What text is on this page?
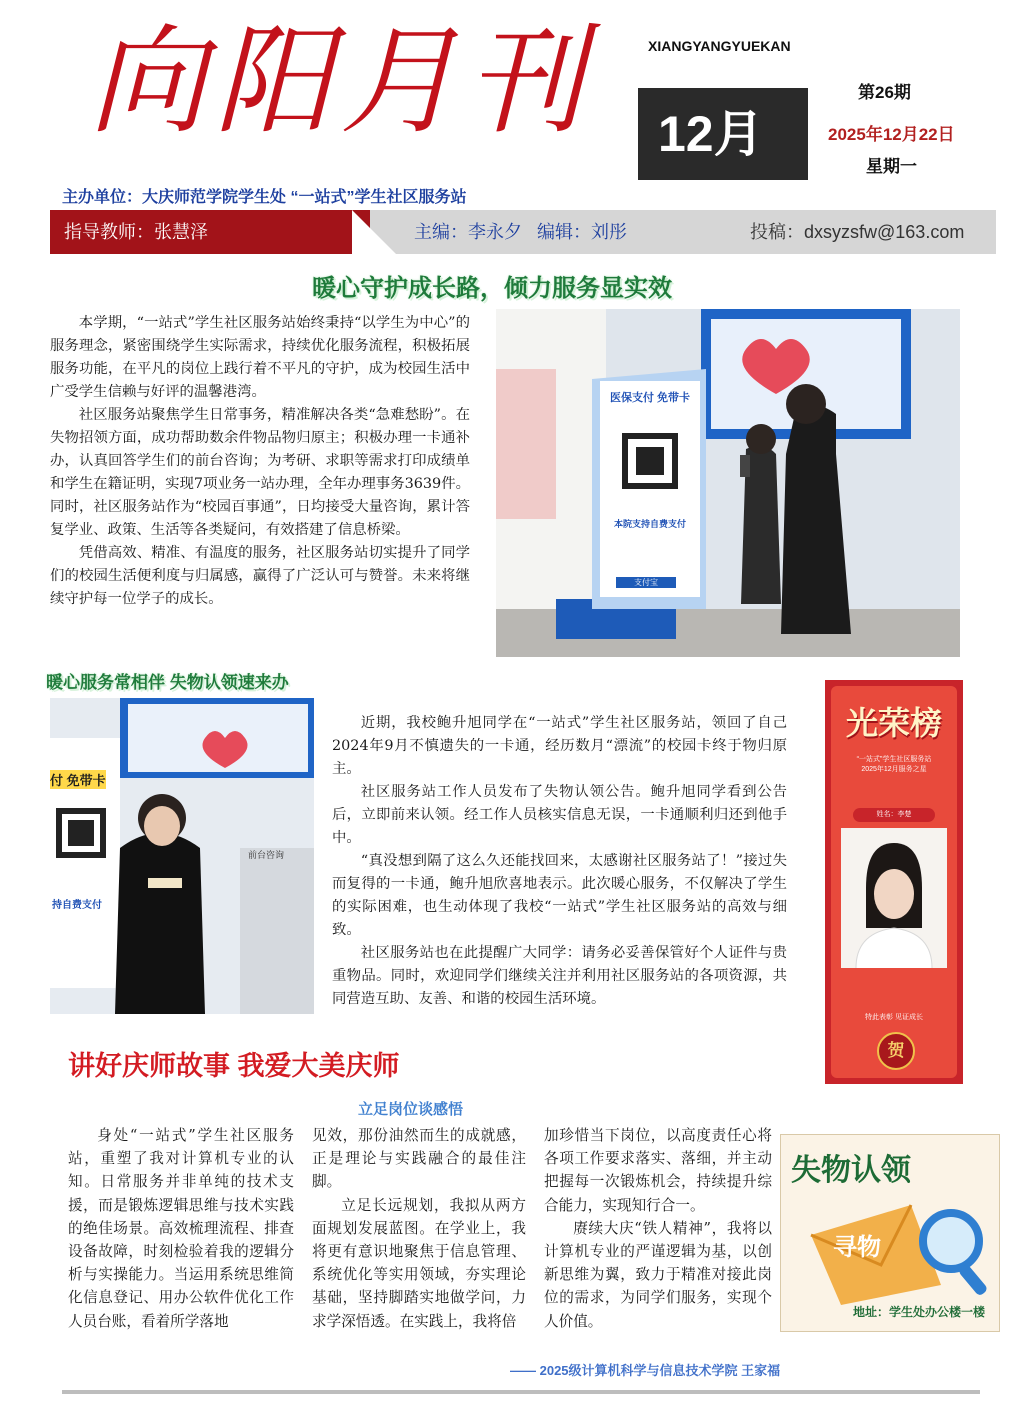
向阳月刊	XIANGYANGYUEKAN
12月
第26期
2025年12月22日
星期一
主办单位：大庆师范学院学生处 “一站式”学生社区服务站
指导教师：张慧泽	主编：李永夕   编辑：刘彤	投稿：dxsyzsfw@163.com
暖心守护成长路，倾力服务显实效

本学期，“一站式”学生社区服务站始终秉持“以学生为中心”的服务理念，紧密围绕学生实际需求，持续优化服务流程，积极拓展服务功能，在平凡的岗位上践行着不平凡的守护，成为校园生活中广受学生信赖与好评的温馨港湾。

社区服务站聚焦学生日常事务，精准解决各类“急难愁盼”。在失物招领方面，成功帮助数余件物品物归原主；积极办理一卡通补办，认真回答学生们的前台咨询；为考研、求职等需求打印成绩单和学生在籍证明，实现7项业务一站办理，全年办理事务3639件。同时，社区服务站作为“校园百事通”，日均接受大量咨询，累计答复学业、政策、生活等各类疑问，有效搭建了信息桥梁。

凭借高效、精准、有温度的服务，社区服务站切实提升了同学们的校园生活便利度与归属感，赢得了广泛认可与赞誉。未来将继续守护每一位学子的成长。

医保支付 免带卡
本院支持自费支付
支付宝
暖心服务常相伴 失物认领速来办
付 免带卡
前台咨询
持自费支付

近期，我校鲍升旭同学在“一站式”学生社区服务站，领回了自己2024年9月不慎遗失的一卡通，经历数月“漂流”的校园卡终于物归原主。

社区服务站工作人员发布了失物认领公告。鲍升旭同学看到公告后，立即前来认领。经工作人员核实信息无误，一卡通顺利归还到他手中。

“真没想到隔了这么久还能找回来，太感谢社区服务站了！”接过失而复得的一卡通，鲍升旭欣喜地表示。此次暖心服务，不仅解决了学生的实际困难，也生动体现了我校“一站式”学生社区服务站的高效与细致。

社区服务站也在此提醒广大同学：请务必妥善保管好个人证件与贵重物品。同时，欢迎同学们继续关注并利用社区服务站的各项资源，共同营造互助、友善、和谐的校园生活环境。

光荣榜
“一站式”学生社区服务站
2025年12月服务之星
姓名：李楚
特此表彰 见证成长
贺
讲好庆师故事 我爱大美庆师
立足岗位谈感悟

身处“一站式”学生社区服务站，重塑了我对计算机专业的认知。日常服务并非单纯的技术支援，而是锻炼逻辑思维与技术实践的绝佳场景。高效梳理流程、排查设备故障，时刻检验着我的逻辑分析与实操能力。当运用系统思维简化信息登记、用办公软件优化工作人员台账，看着所学落地

见效，那份油然而生的成就感，正是理论与实践融合的最佳注脚。

立足长远规划，我拟从两方面规划发展蓝图。在学业上，我将更有意识地聚焦于信息管理、系统优化等实用领域，夯实理论基础，坚持脚踏实地做学问，力求学深悟透。在实践上，我将倍

加珍惜当下岗位，以高度责任心将各项工作要求落实、落细，并主动把握每一次锻炼机会，持续提升综合能力，实现知行合一。

赓续大庆“铁人精神”，我将以计算机专业的严谨逻辑为基，以创新思维为翼，致力于精准对接此岗位的需求，为同学们服务，实现个人价值。

失物认领
寻物
地址：学生处办公楼一楼
—— 2025级计算机科学与信息技术学院 王家福
